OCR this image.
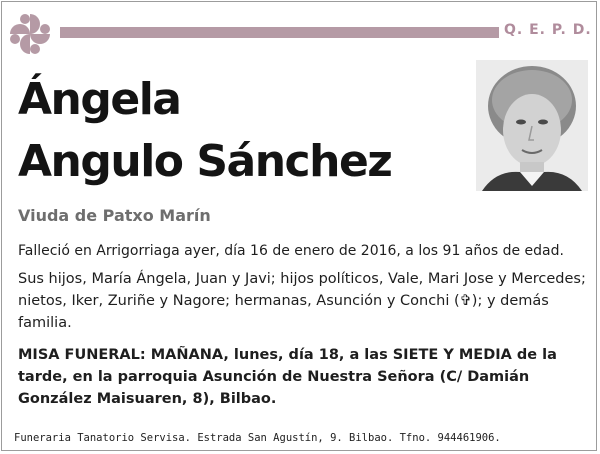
Q. E. P. D.
Ángela
Angulo Sánchez
Viuda de Patxo Marín
Falleció en Arrigorriaga ayer, día 16 de enero de 2016, a los 91 años de edad.
Sus hijos, María Ángela, Juan y Javi; hijos políticos, Vale, Mari Jose y Mercedes; nietos, Iker, Zuriñe y Nagore; hermanas, Asunción y Conchi (✞); y demás familia.
MISA FUNERAL: MAÑANA, lunes, día 18, a las SIETE Y MEDIA de la tarde, en la parroquia Asunción de Nuestra Señora (C/ Damián González Maisuaren, 8), Bilbao.
Funeraria Tanatorio Servisa. Estrada San Agustín, 9. Bilbao. Tfno. 944461906.
